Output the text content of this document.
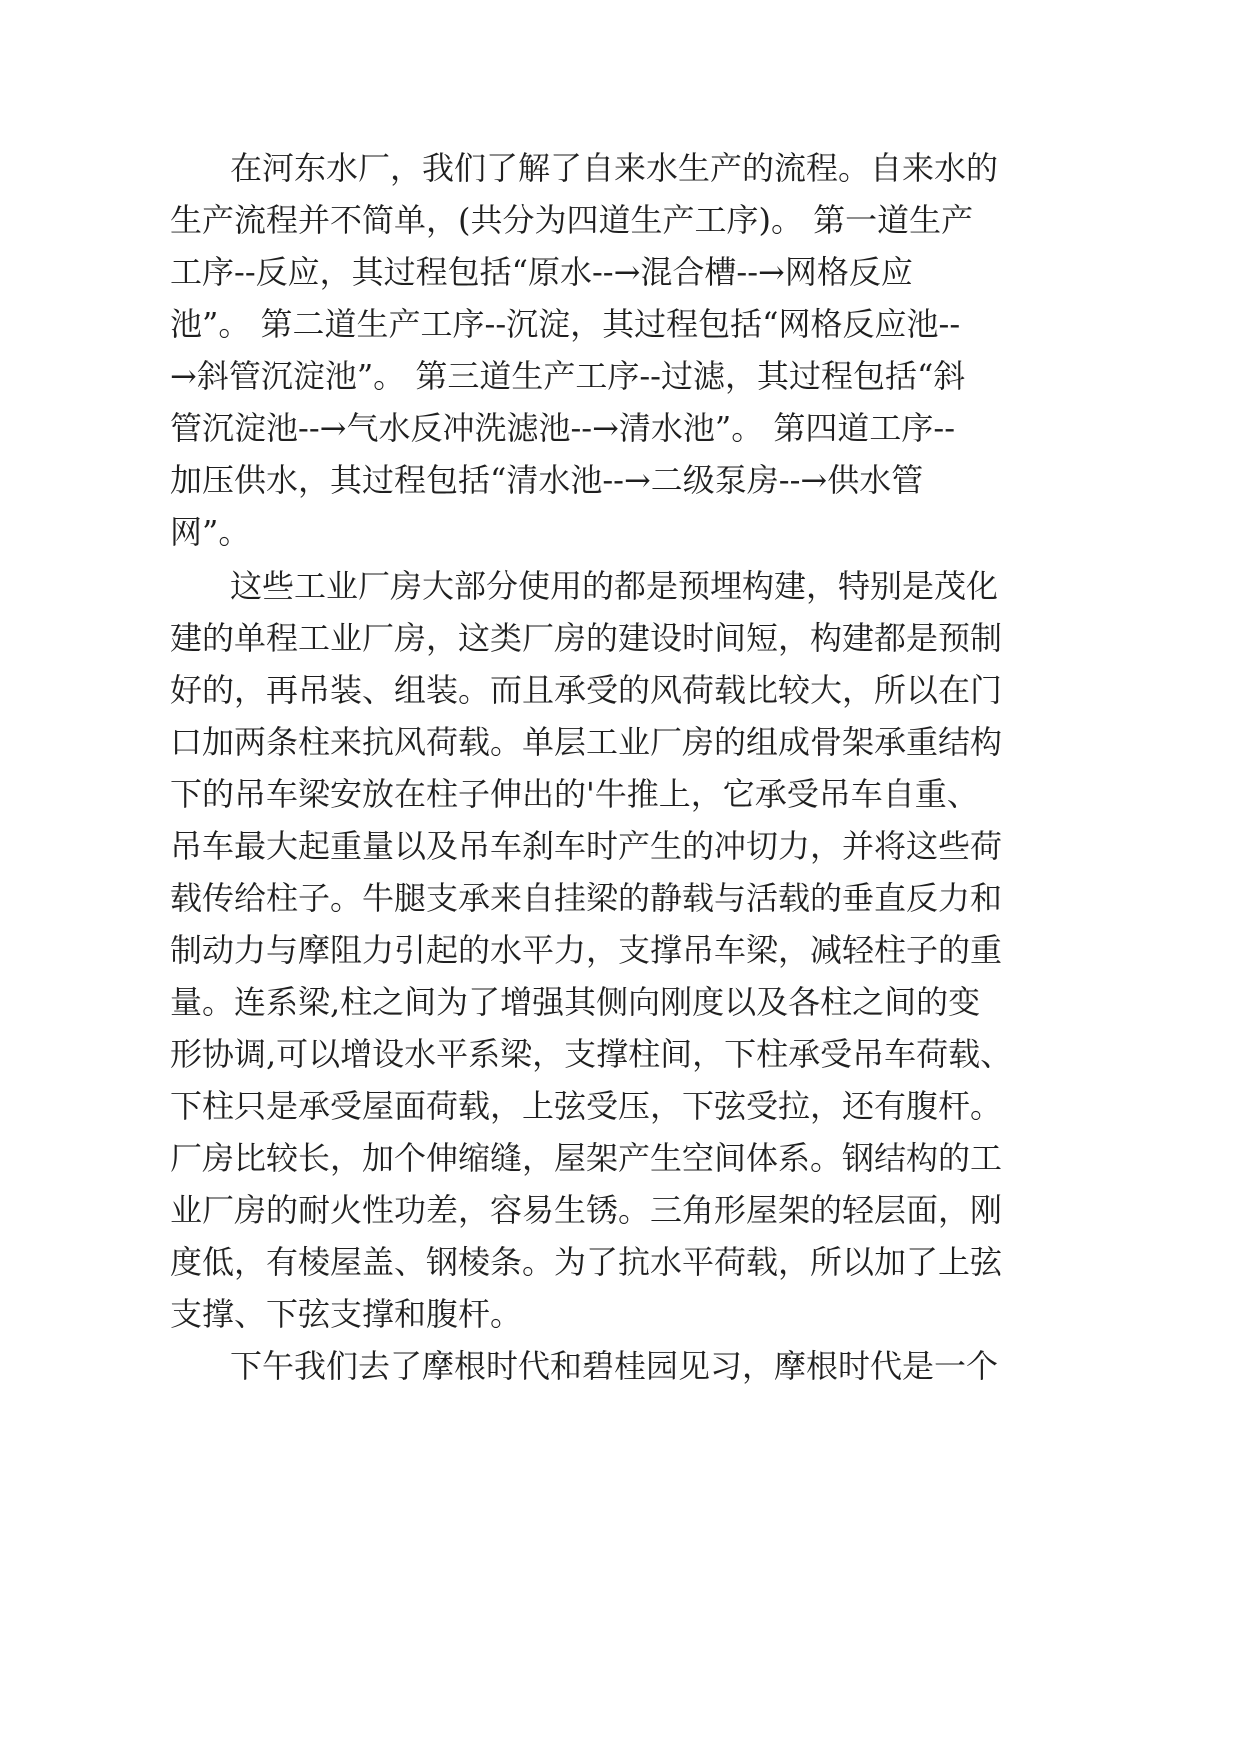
在河东水厂，我们了解了自来水生产的流程。自来水的
生产流程并不简单，(共分为四道生产工序)。 第一道生产
工序--反应，其过程包括“原水--→混合槽--→网格反应
池”。 第二道生产工序--沉淀，其过程包括“网格反应池--
→斜管沉淀池”。 第三道生产工序--过滤，其过程包括“斜
管沉淀池--→气水反冲洗滤池--→清水池”。 第四道工序--
加压供水，其过程包括“清水池--→二级泵房--→供水管
网”。
这些工业厂房大部分使用的都是预埋构建，特别是茂化
建的单程工业厂房，这类厂房的建设时间短，构建都是预制
好的，再吊装、组装。而且承受的风荷载比较大，所以在门
口加两条柱来抗风荷载。单层工业厂房的组成骨架承重结构
下的吊车梁安放在柱子伸出的'牛推上，它承受吊车自重、
吊车最大起重量以及吊车刹车时产生的冲切力，并将这些荷
载传给柱子。牛腿支承来自挂梁的静载与活载的垂直反力和
制动力与摩阻力引起的水平力，支撑吊车梁，减轻柱子的重
量。连系梁,柱之间为了增强其侧向刚度以及各柱之间的变
形协调,可以增设水平系梁，支撑柱间，下柱承受吊车荷载、
下柱只是承受屋面荷载，上弦受压，下弦受拉，还有腹杆。
厂房比较长，加个伸缩缝，屋架产生空间体系。钢结构的工
业厂房的耐火性功差，容易生锈。三角形屋架的轻层面，刚
度低，有棱屋盖、钢棱条。为了抗水平荷载，所以加了上弦
支撑、下弦支撑和腹杆。
下午我们去了摩根时代和碧桂园见习，摩根时代是一个
